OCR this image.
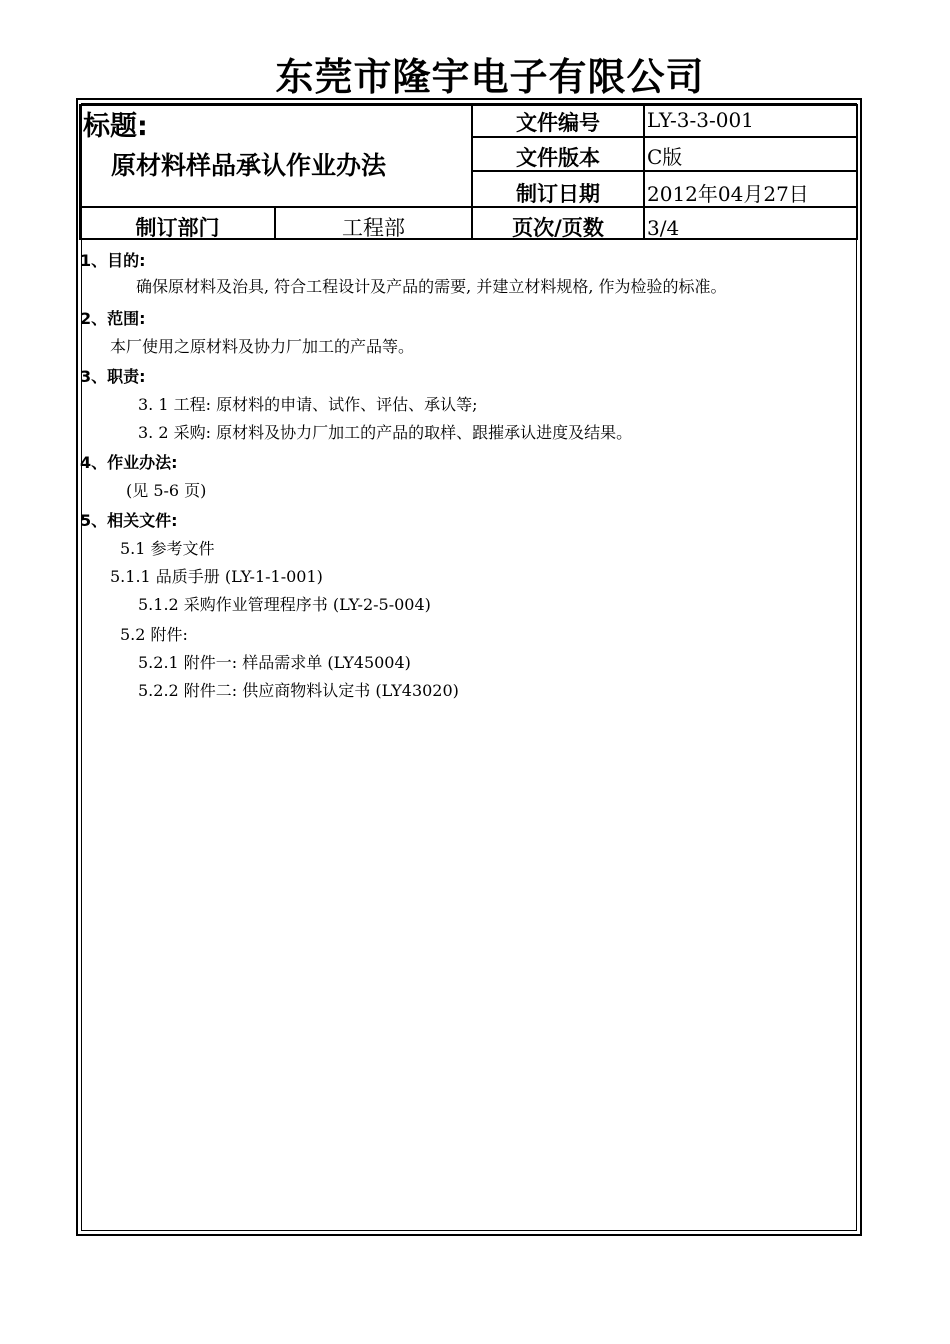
东莞市隆宇电子有限公司
标题:
原材料样品承认作业办法
文件编号	LY-3-3-001
文件版本	C版
制订日期	2012年04月27日
制订部门	工程部	页次/页数	3/4
1、目的:
确保原材料及治具, 符合工程设计及产品的需要, 并建立材料规格, 作为检验的标准。
2、范围:
本厂使用之原材料及协力厂加工的产品等。
3、职责:
3. 1 工程: 原材料的申请、试作、评估、承认等;
3. 2 采购: 原材料及协力厂加工的产品的取样、跟摧承认进度及结果。
4、作业办法:
(见 5-6 页)
5、相关文件:
5.1 参考文件
5.1.1 品质手册 (LY-1-1-001)
5.1.2 采购作业管理程序书 (LY-2-5-004)
5.2 附件:
5.2.1 附件一: 样品需求单 (LY45004)
5.2.2 附件二: 供应商物料认定书 (LY43020)
